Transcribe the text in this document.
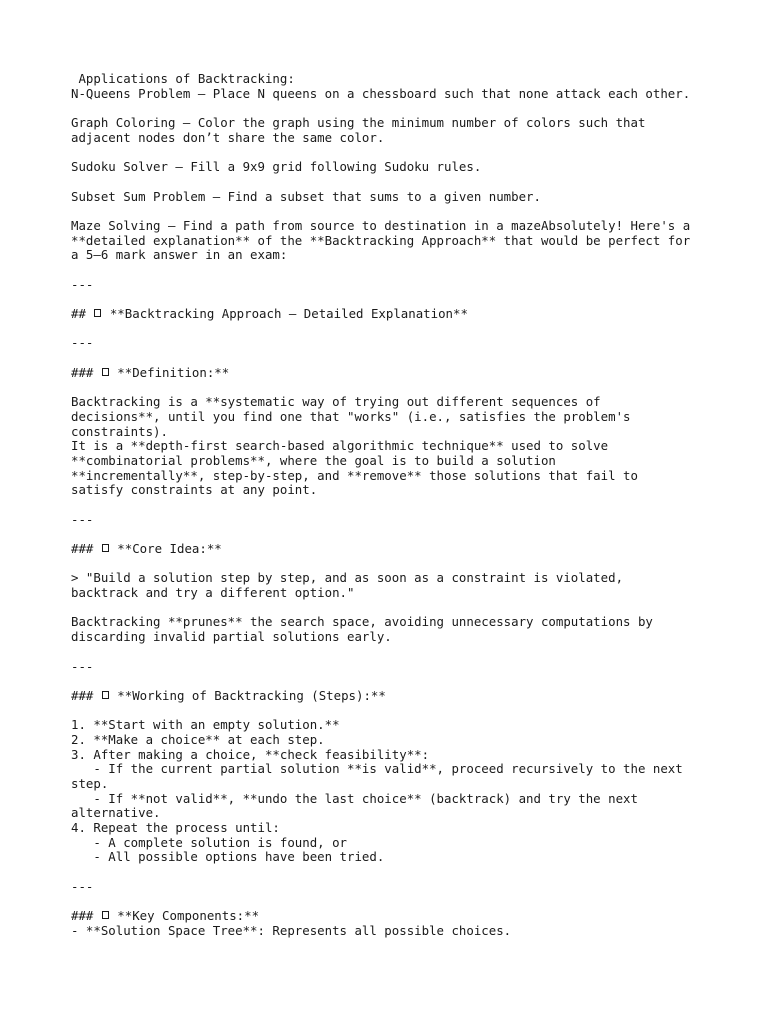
Applications of Backtracking:
N-Queens Problem – Place N queens on a chessboard such that none attack each other.
Graph Coloring – Color the graph using the minimum number of colors such that
adjacent nodes don’t share the same color.
Sudoku Solver – Fill a 9x9 grid following Sudoku rules.
Subset Sum Problem – Find a subset that sums to a given number.
Maze Solving – Find a path from source to destination in a mazeAbsolutely! Here's a
**detailed explanation** of the **Backtracking Approach** that would be perfect for
a 5–6 mark answer in an exam:
---
##  **Backtracking Approach – Detailed Explanation**
---
###  **Definition:**
Backtracking is a **systematic way of trying out different sequences of
decisions**, until you find one that "works" (i.e., satisfies the problem's
constraints).
It is a **depth-first search-based algorithmic technique** used to solve
**combinatorial problems**, where the goal is to build a solution
**incrementally**, step-by-step, and **remove** those solutions that fail to
satisfy constraints at any point.
---
###  **Core Idea:**
> "Build a solution step by step, and as soon as a constraint is violated,
backtrack and try a different option."
Backtracking **prunes** the search space, avoiding unnecessary computations by
discarding invalid partial solutions early.
---
###  **Working of Backtracking (Steps):**
1. **Start with an empty solution.**
2. **Make a choice** at each step.
3. After making a choice, **check feasibility**:
- If the current partial solution **is valid**, proceed recursively to the next
step.
- If **not valid**, **undo the last choice** (backtrack) and try the next
alternative.
4. Repeat the process until:
- A complete solution is found, or
- All possible options have been tried.
---
###  **Key Components:**
- **Solution Space Tree**: Represents all possible choices.
